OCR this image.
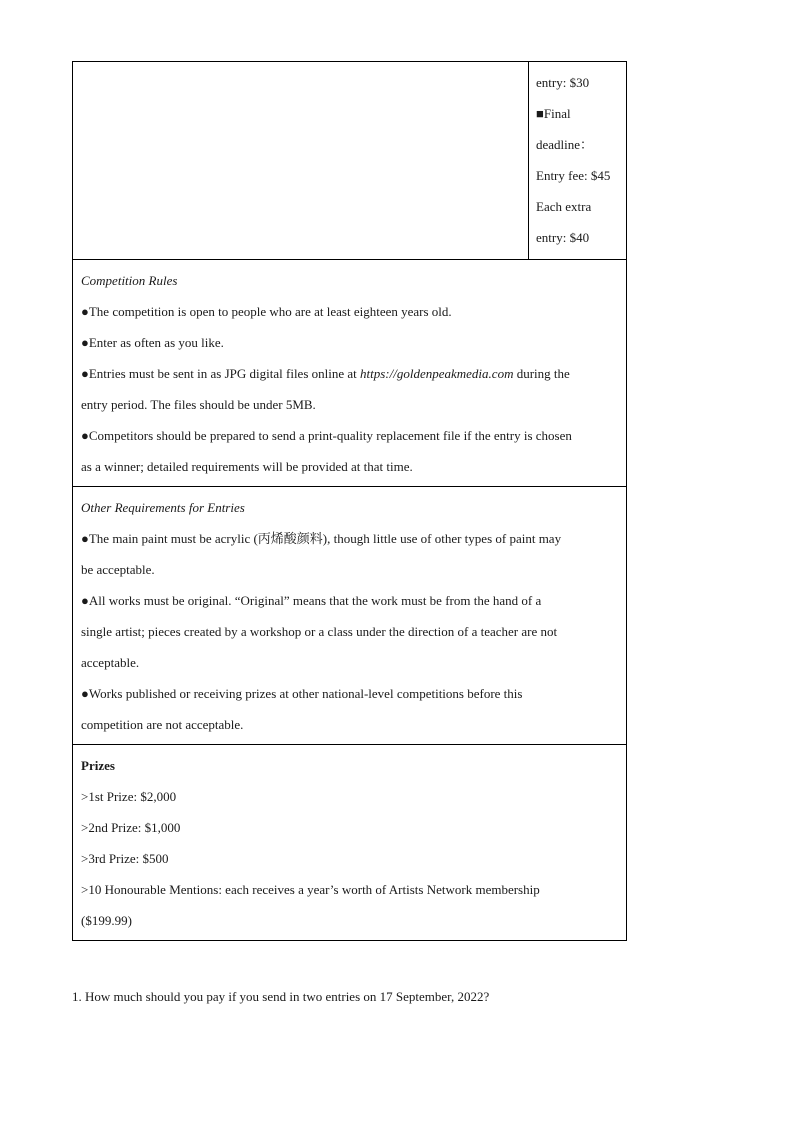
entry: $30
■Final
deadline：
Entry fee: $45
Each extra
entry: $40
Competition Rules
●The competition is open to people who are at least eighteen years old.
●Enter as often as you like.
●Entries must be sent in as JPG digital files online at https://goldenpeakmedia.com during the
entry period. The files should be under 5MB.
●Competitors should be prepared to send a print-quality replacement file if the entry is chosen
as a winner; detailed requirements will be provided at that time.
Other Requirements for Entries
●The main paint must be acrylic (丙烯酸颜料), though little use of other types of paint may
be acceptable.
●All works must be original. “Original” means that the work must be from the hand of a
single artist; pieces created by a workshop or a class under the direction of a teacher are not
acceptable.
●Works published or receiving prizes at other national-level competitions before this
competition are not acceptable.
Prizes
>1st Prize: $2,000
>2nd Prize: $1,000
>3rd Prize: $500
>10 Honourable Mentions: each receives a year’s worth of Artists Network membership
($199.99)
1. How much should you pay if you send in two entries on 17 September, 2022?
